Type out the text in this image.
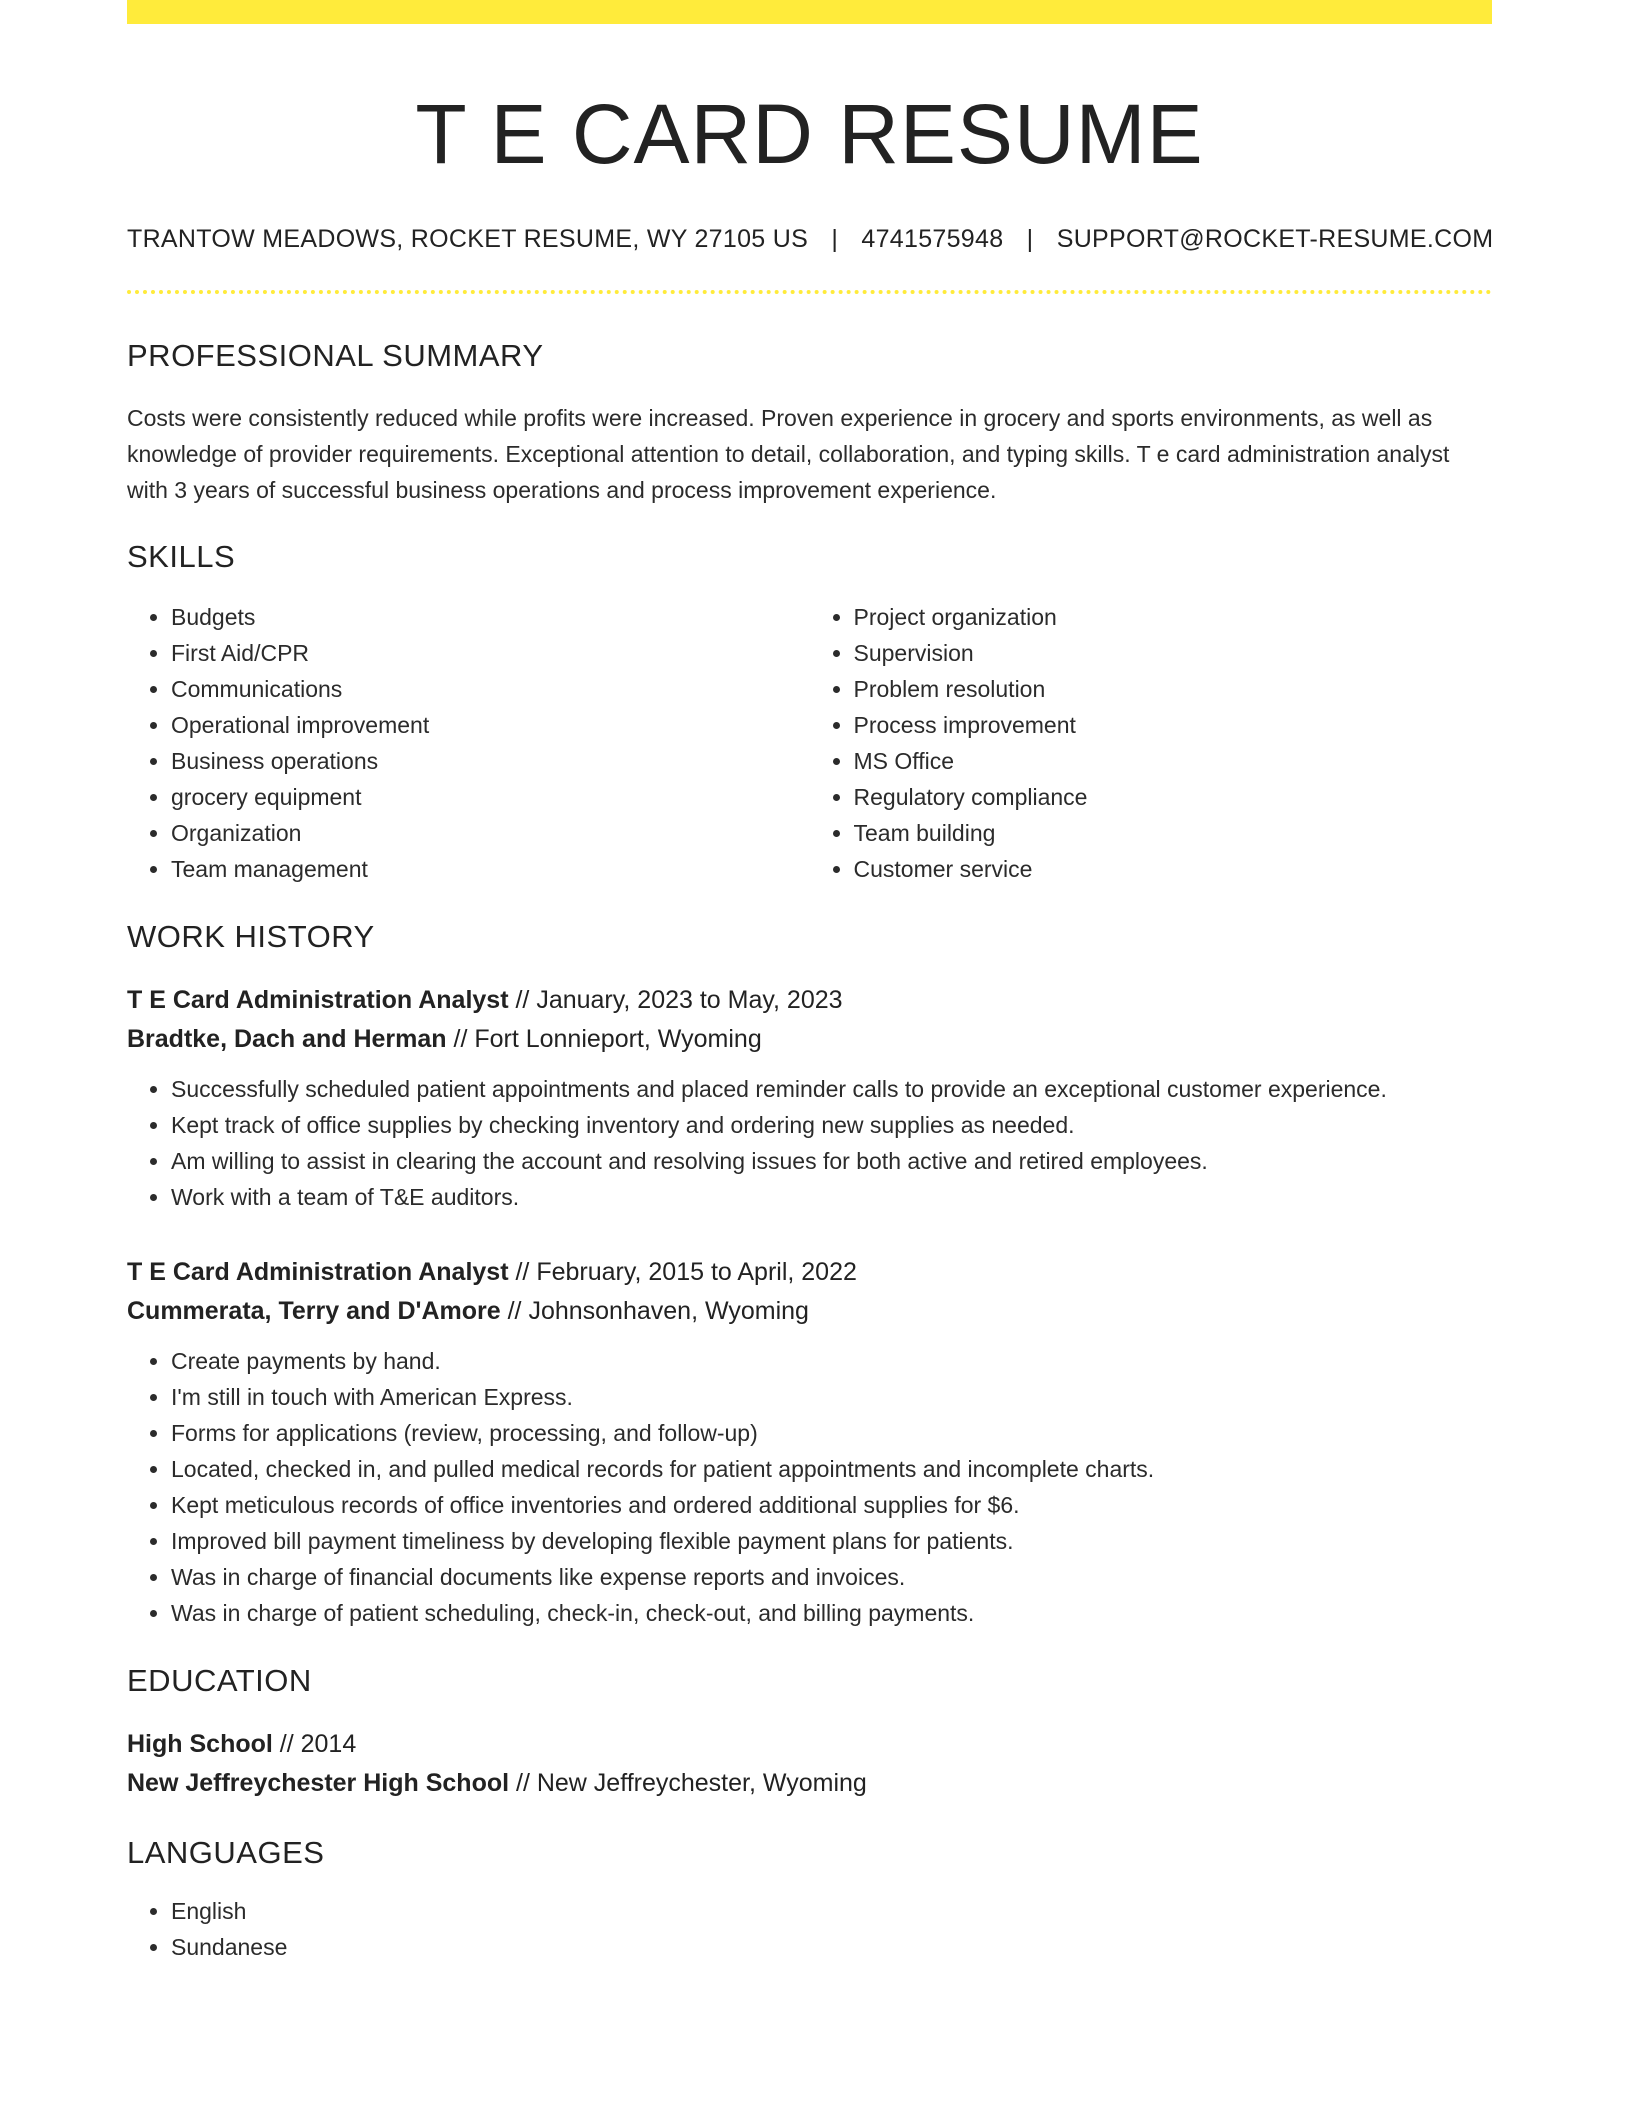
T E CARD RESUME
TRANTOW MEADOWS, ROCKET RESUME, WY 27105 US | 4741575948 | SUPPORT@ROCKET-RESUME.COM
PROFESSIONAL SUMMARY
Costs were consistently reduced while profits were increased. Proven experience in grocery and sports environments, as well as knowledge of provider requirements. Exceptional attention to detail, collaboration, and typing skills. T e card administration analyst with 3 years of successful business operations and process improvement experience.
SKILLS
• Budgets
• First Aid/CPR
• Communications
• Operational improvement
• Business operations
• grocery equipment
• Organization
• Team management
• Project organization
• Supervision
• Problem resolution
• Process improvement
• MS Office
• Regulatory compliance
• Team building
• Customer service
WORK HISTORY
T E Card Administration Analyst // January, 2023 to May, 2023
Bradtke, Dach and Herman // Fort Lonnieport, Wyoming
• Successfully scheduled patient appointments and placed reminder calls to provide an exceptional customer experience.
• Kept track of office supplies by checking inventory and ordering new supplies as needed.
• Am willing to assist in clearing the account and resolving issues for both active and retired employees.
• Work with a team of T&E auditors.
T E Card Administration Analyst // February, 2015 to April, 2022
Cummerata, Terry and D'Amore // Johnsonhaven, Wyoming
• Create payments by hand.
• I'm still in touch with American Express.
• Forms for applications (review, processing, and follow-up)
• Located, checked in, and pulled medical records for patient appointments and incomplete charts.
• Kept meticulous records of office inventories and ordered additional supplies for $6.
• Improved bill payment timeliness by developing flexible payment plans for patients.
• Was in charge of financial documents like expense reports and invoices.
• Was in charge of patient scheduling, check-in, check-out, and billing payments.
EDUCATION
High School // 2014
New Jeffreychester High School // New Jeffreychester, Wyoming
LANGUAGES
• English
• Sundanese
